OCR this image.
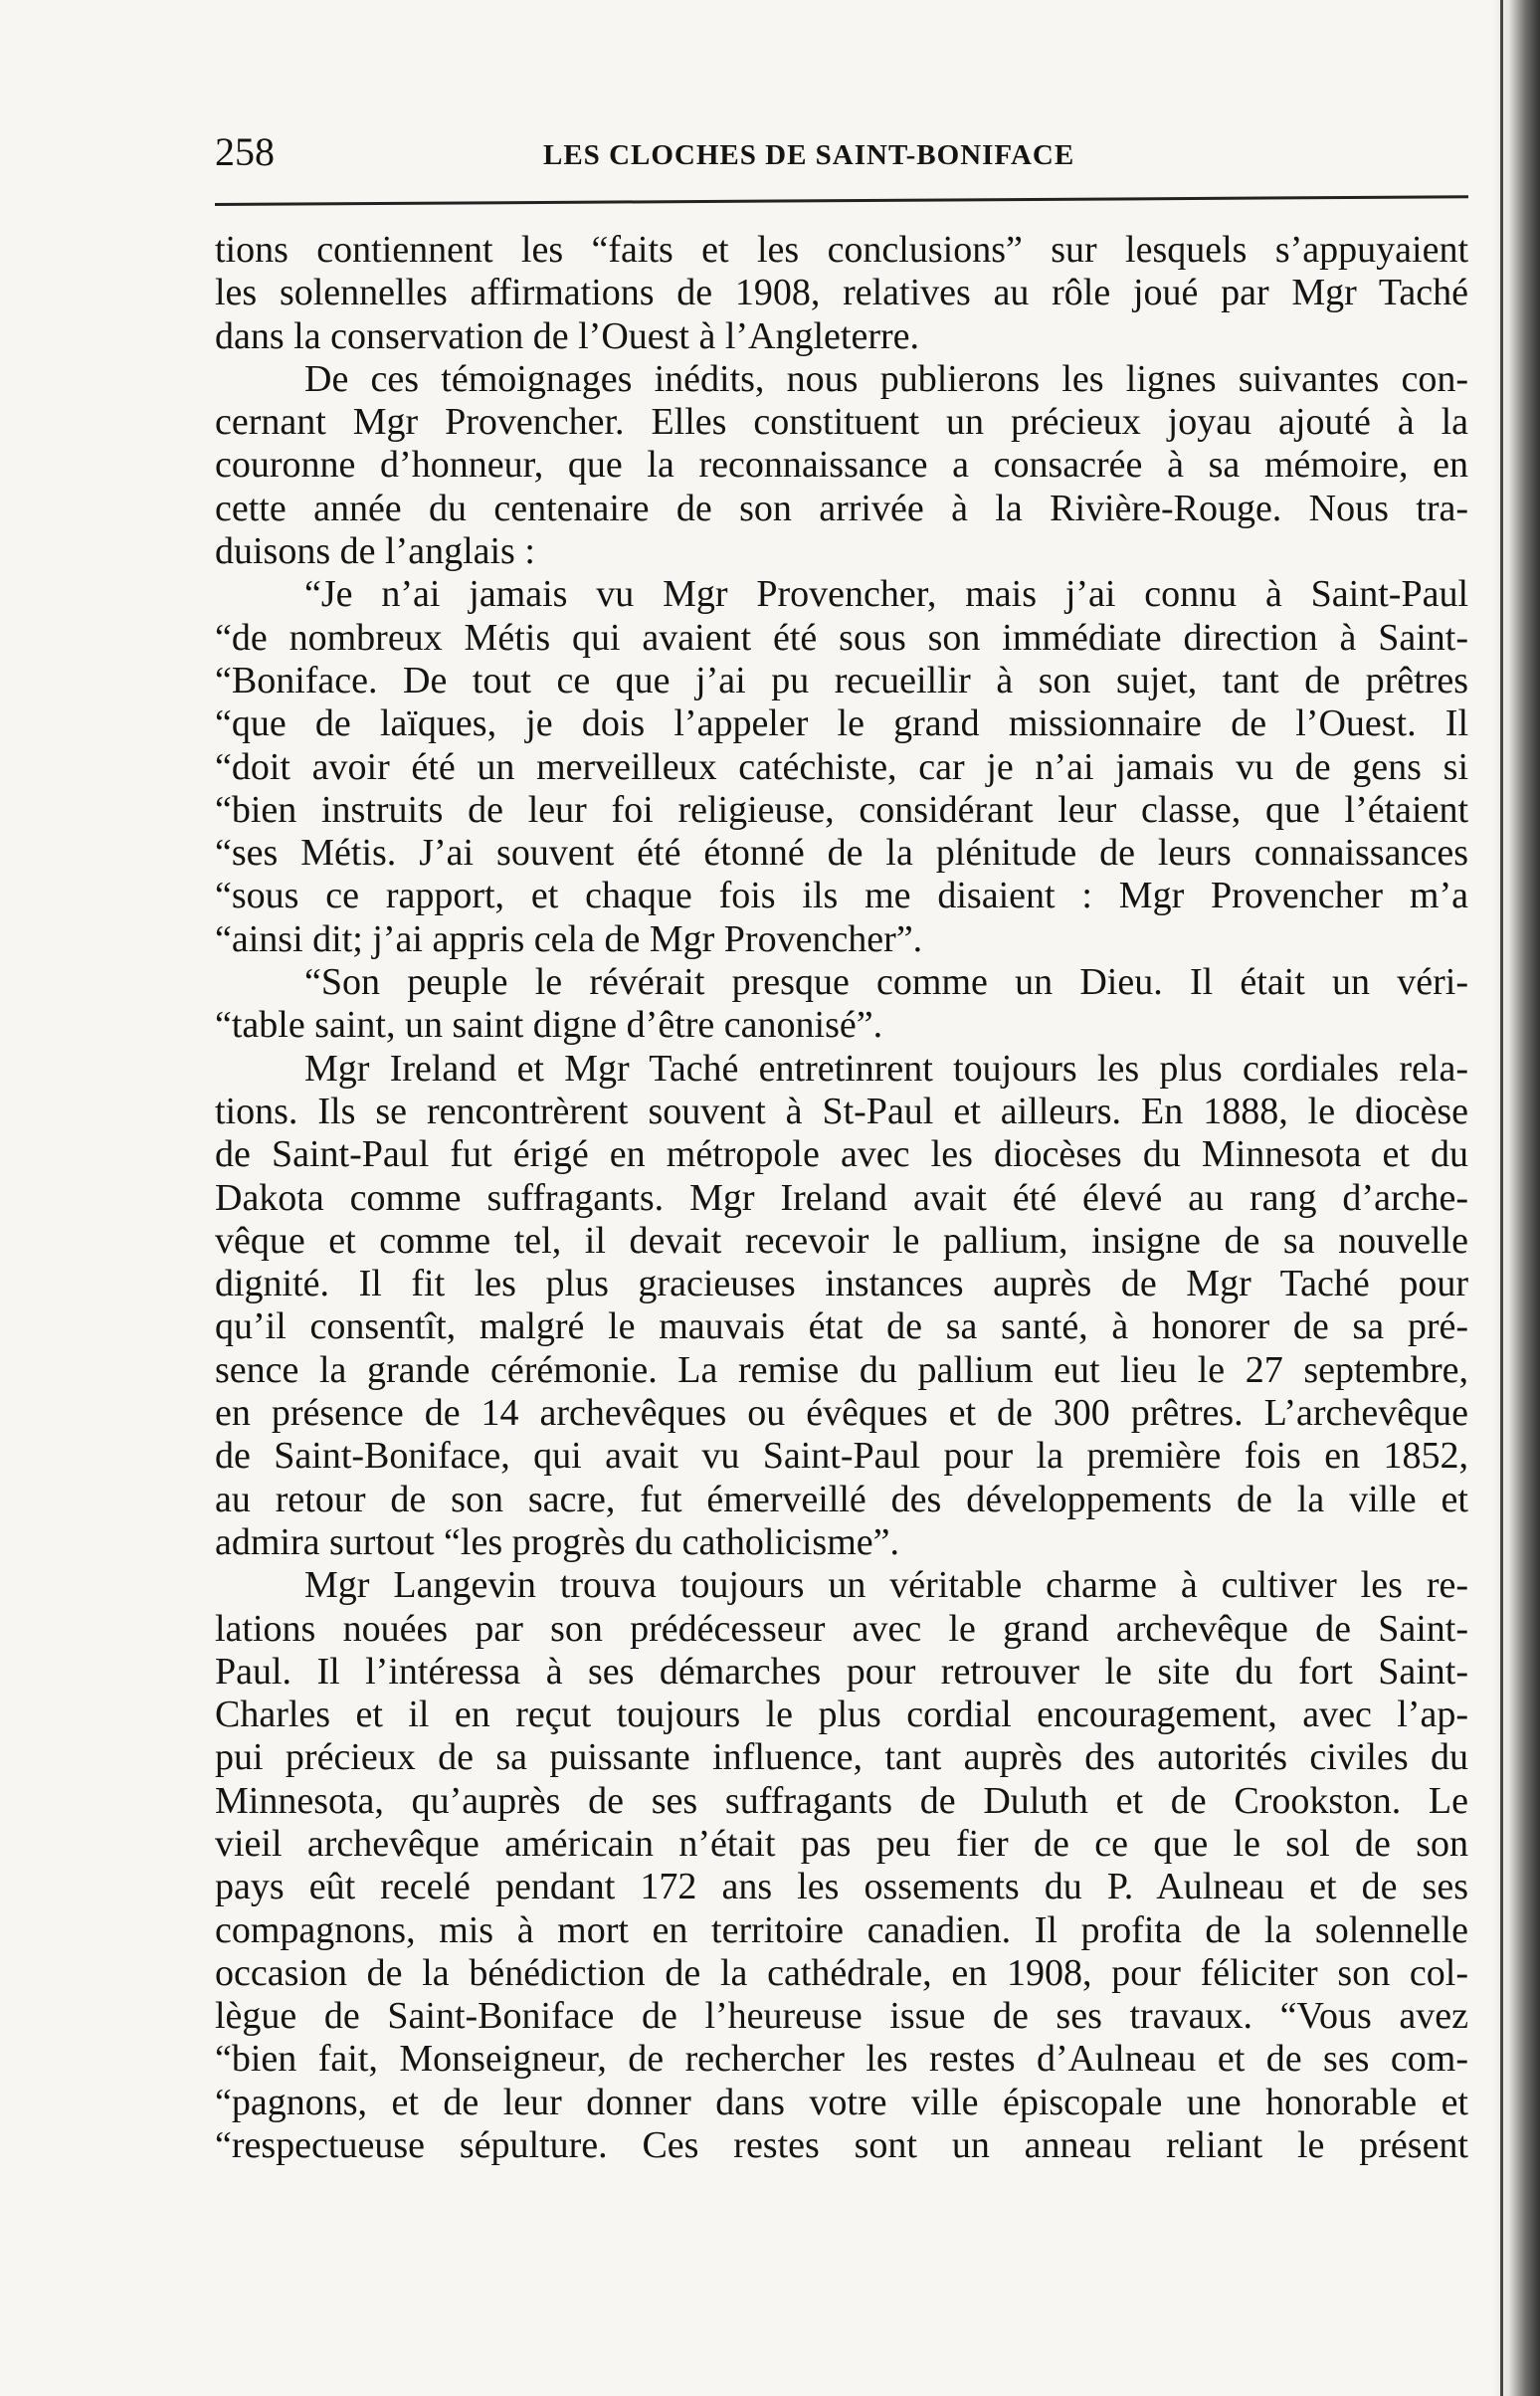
258	LES CLOCHES DE SAINT-BONIFACE
tions contiennent les “faits et les conclusions” sur lesquels s’appuyaient
les solennelles affirmations de 1908, relatives au rôle joué par Mgr Taché
dans la conservation de l’Ouest à l’Angleterre.
De ces témoignages inédits, nous publierons les lignes suivantes con-
cernant Mgr Provencher. Elles constituent un précieux joyau ajouté à la
couronne d’honneur, que la reconnaissance a consacrée à sa mémoire, en
cette année du centenaire de son arrivée à la Rivière-Rouge. Nous tra-
duisons de l’anglais :
“Je n’ai jamais vu Mgr Provencher, mais j’ai connu à Saint-Paul
“de nombreux Métis qui avaient été sous son immédiate direction à Saint-
“Boniface. De tout ce que j’ai pu recueillir à son sujet, tant de prêtres
“que de laïques, je dois l’appeler le grand missionnaire de l’Ouest. Il
“doit avoir été un merveilleux catéchiste, car je n’ai jamais vu de gens si
“bien instruits de leur foi religieuse, considérant leur classe, que l’étaient
“ses Métis. J’ai souvent été étonné de la plénitude de leurs connaissances
“sous ce rapport, et chaque fois ils me disaient : Mgr Provencher m’a
“ainsi dit; j’ai appris cela de Mgr Provencher”.
“Son peuple le révérait presque comme un Dieu. Il était un véri-
“table saint, un saint digne d’être canonisé”.
Mgr Ireland et Mgr Taché entretinrent toujours les plus cordiales rela-
tions. Ils se rencontrèrent souvent à St-Paul et ailleurs. En 1888, le diocèse
de Saint-Paul fut érigé en métropole avec les diocèses du Minnesota et du
Dakota comme suffragants. Mgr Ireland avait été élevé au rang d’arche-
vêque et comme tel, il devait recevoir le pallium, insigne de sa nouvelle
dignité. Il fit les plus gracieuses instances auprès de Mgr Taché pour
qu’il consentît, malgré le mauvais état de sa santé, à honorer de sa pré-
sence la grande cérémonie. La remise du pallium eut lieu le 27 septembre,
en présence de 14 archevêques ou évêques et de 300 prêtres. L’archevêque
de Saint-Boniface, qui avait vu Saint-Paul pour la première fois en 1852,
au retour de son sacre, fut émerveillé des développements de la ville et
admira surtout “les progrès du catholicisme”.
Mgr Langevin trouva toujours un véritable charme à cultiver les re-
lations nouées par son prédécesseur avec le grand archevêque de Saint-
Paul. Il l’intéressa à ses démarches pour retrouver le site du fort Saint-
Charles et il en reçut toujours le plus cordial encouragement, avec l’ap-
pui précieux de sa puissante influence, tant auprès des autorités civiles du
Minnesota, qu’auprès de ses suffragants de Duluth et de Crookston. Le
vieil archevêque américain n’était pas peu fier de ce que le sol de son
pays eût recelé pendant 172 ans les ossements du P. Aulneau et de ses
compagnons, mis à mort en territoire canadien. Il profita de la solennelle
occasion de la bénédiction de la cathédrale, en 1908, pour féliciter son col-
lègue de Saint-Boniface de l’heureuse issue de ses travaux. “Vous avez
“bien fait, Monseigneur, de rechercher les restes d’Aulneau et de ses com-
“pagnons, et de leur donner dans votre ville épiscopale une honorable et
“respectueuse sépulture. Ces restes sont un anneau reliant le présent
